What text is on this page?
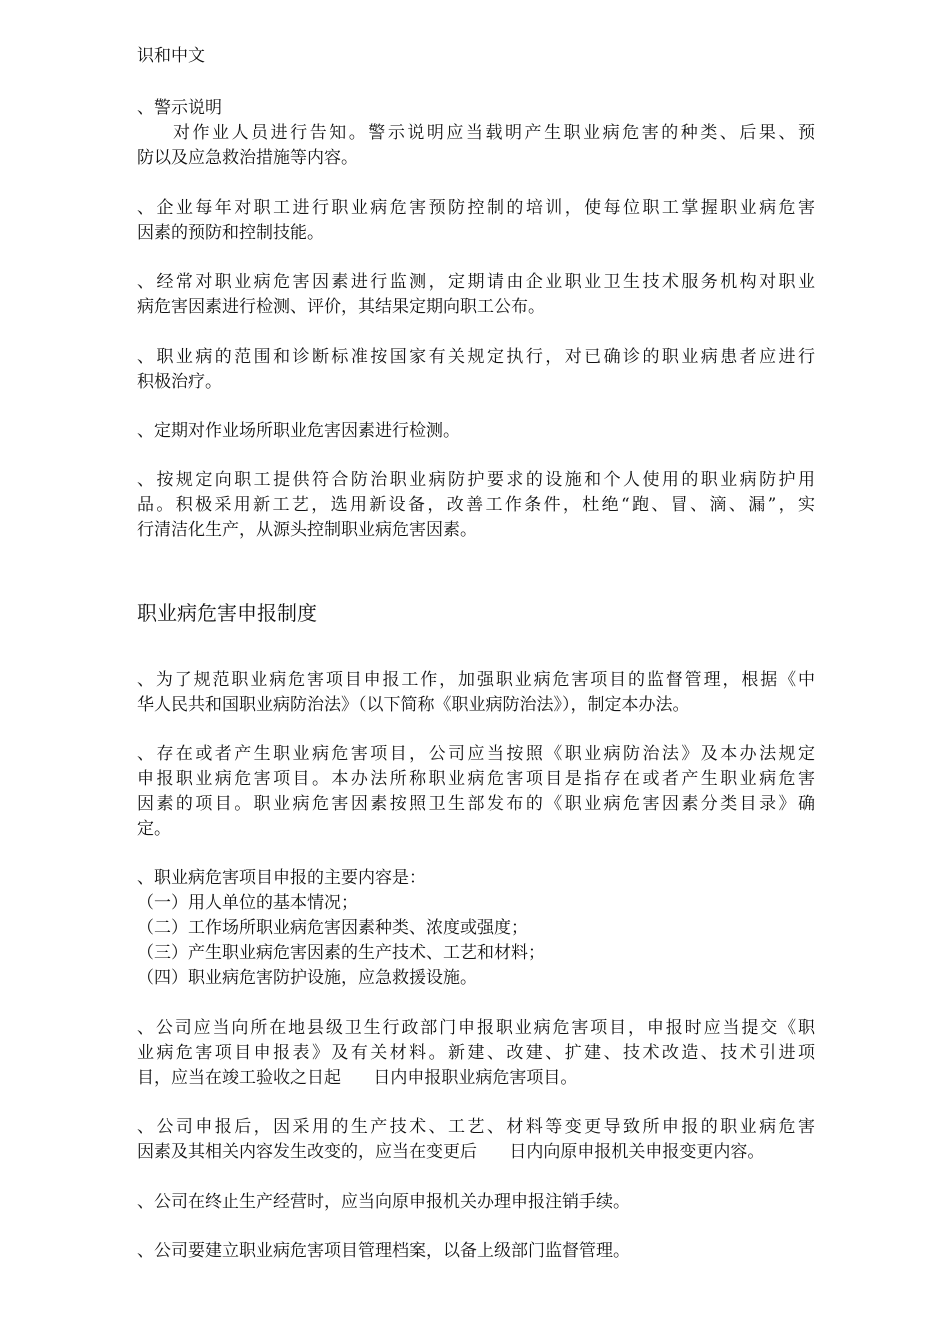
识和中文
、警示说明
对作业人员进行告知。警示说明应当载明产生职业病危害的种类、后果、预
防以及应急救治措施等内容。
、企业每年对职工进行职业病危害预防控制的培训，使每位职工掌握职业病危害
因素的预防和控制技能。
、经常对职业病危害因素进行监测，定期请由企业职业卫生技术服务机构对职业
病危害因素进行检测、评价，其结果定期向职工公布。
、职业病的范围和诊断标准按国家有关规定执行，对已确诊的职业病患者应进行
积极治疗。
、定期对作业场所职业危害因素进行检测。
、按规定向职工提供符合防治职业病防护要求的设施和个人使用的职业病防护用
品。积极采用新工艺，选用新设备，改善工作条件，杜绝“跑、冒、滴、漏”，实
行清洁化生产，从源头控制职业病危害因素。
职业病危害申报制度
、为了规范职业病危害项目申报工作，加强职业病危害项目的监督管理，根据《中
华人民共和国职业病防治法》（以下简称《职业病防治法》），制定本办法。
、存在或者产生职业病危害项目，公司应当按照《职业病防治法》及本办法规定
申报职业病危害项目。本办法所称职业病危害项目是指存在或者产生职业病危害
因素的项目。职业病危害因素按照卫生部发布的《职业病危害因素分类目录》确
定。
、职业病危害项目申报的主要内容是：
（一）用人单位的基本情况；
（二）工作场所职业病危害因素种类、浓度或强度；
（三）产生职业病危害因素的生产技术、工艺和材料；
（四）职业病危害防护设施，应急救援设施。
、公司应当向所在地县级卫生行政部门申报职业病危害项目，申报时应当提交《职
业病危害项目申报表》及有关材料。新建、改建、扩建、技术改造、技术引进项
目，应当在竣工验收之日起      日内申报职业病危害项目。
、公司申报后，因采用的生产技术、工艺、材料等变更导致所申报的职业病危害
因素及其相关内容发生改变的，应当在变更后      日内向原申报机关申报变更内容。
、公司在终止生产经营时，应当向原申报机关办理申报注销手续。
、公司要建立职业病危害项目管理档案，以备上级部门监督管理。
